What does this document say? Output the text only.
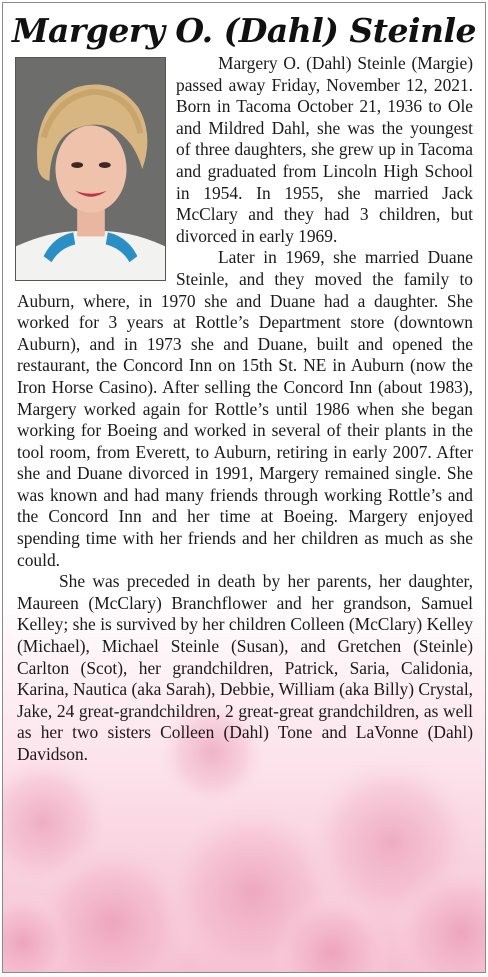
Margery O. (Dahl) Steinle

Margery O. (Dahl) Steinle (Margie) passed away Friday, November 12, 2021. Born in Tacoma October 21, 1936 to Ole and Mildred Dahl, she was the youngest of three daughters, she grew up in Tacoma and graduated from Lincoln High School in 1954. In 1955, she married Jack McClary and they had 3 children, but divorced in early 1969.

Later in 1969, she married Duane Steinle, and they moved the family to Auburn, where, in 1970 she and Duane had a daughter. She worked for 3 years at Rottle’s Department store (downtown Auburn), and in 1973 she and Duane, built and opened the restaurant, the Concord Inn on 15th St. NE in Auburn (now the Iron Horse Casino). After selling the Concord Inn (about 1983), Margery worked again for Rottle’s until 1986 when she began working for Boeing and worked in several of their plants in the tool room, from Everett, to Auburn, retiring in early 2007. After she and Duane divorced in 1991, Margery remained single. She was known and had many friends through working Rottle’s and the Concord Inn and her time at Boeing. Margery enjoyed spending time with her friends and her children as much as she could.

She was preceded in death by her parents, her daughter, Maureen (McClary) Branchflower and her grandson, Samuel Kelley; she is survived by her children Colleen (McClary) Kelley (Michael), Michael Steinle (Susan), and Gretchen (Steinle) Carlton (Scot), her grandchildren, Patrick, Saria, Calidonia, Karina, Nautica (aka Sarah), Debbie, William (aka Billy) Crystal, Jake, 24 great-grandchildren, 2 great-great grandchildren, as well as her two sisters Colleen (Dahl) Tone and LaVonne (Dahl) Davidson.
